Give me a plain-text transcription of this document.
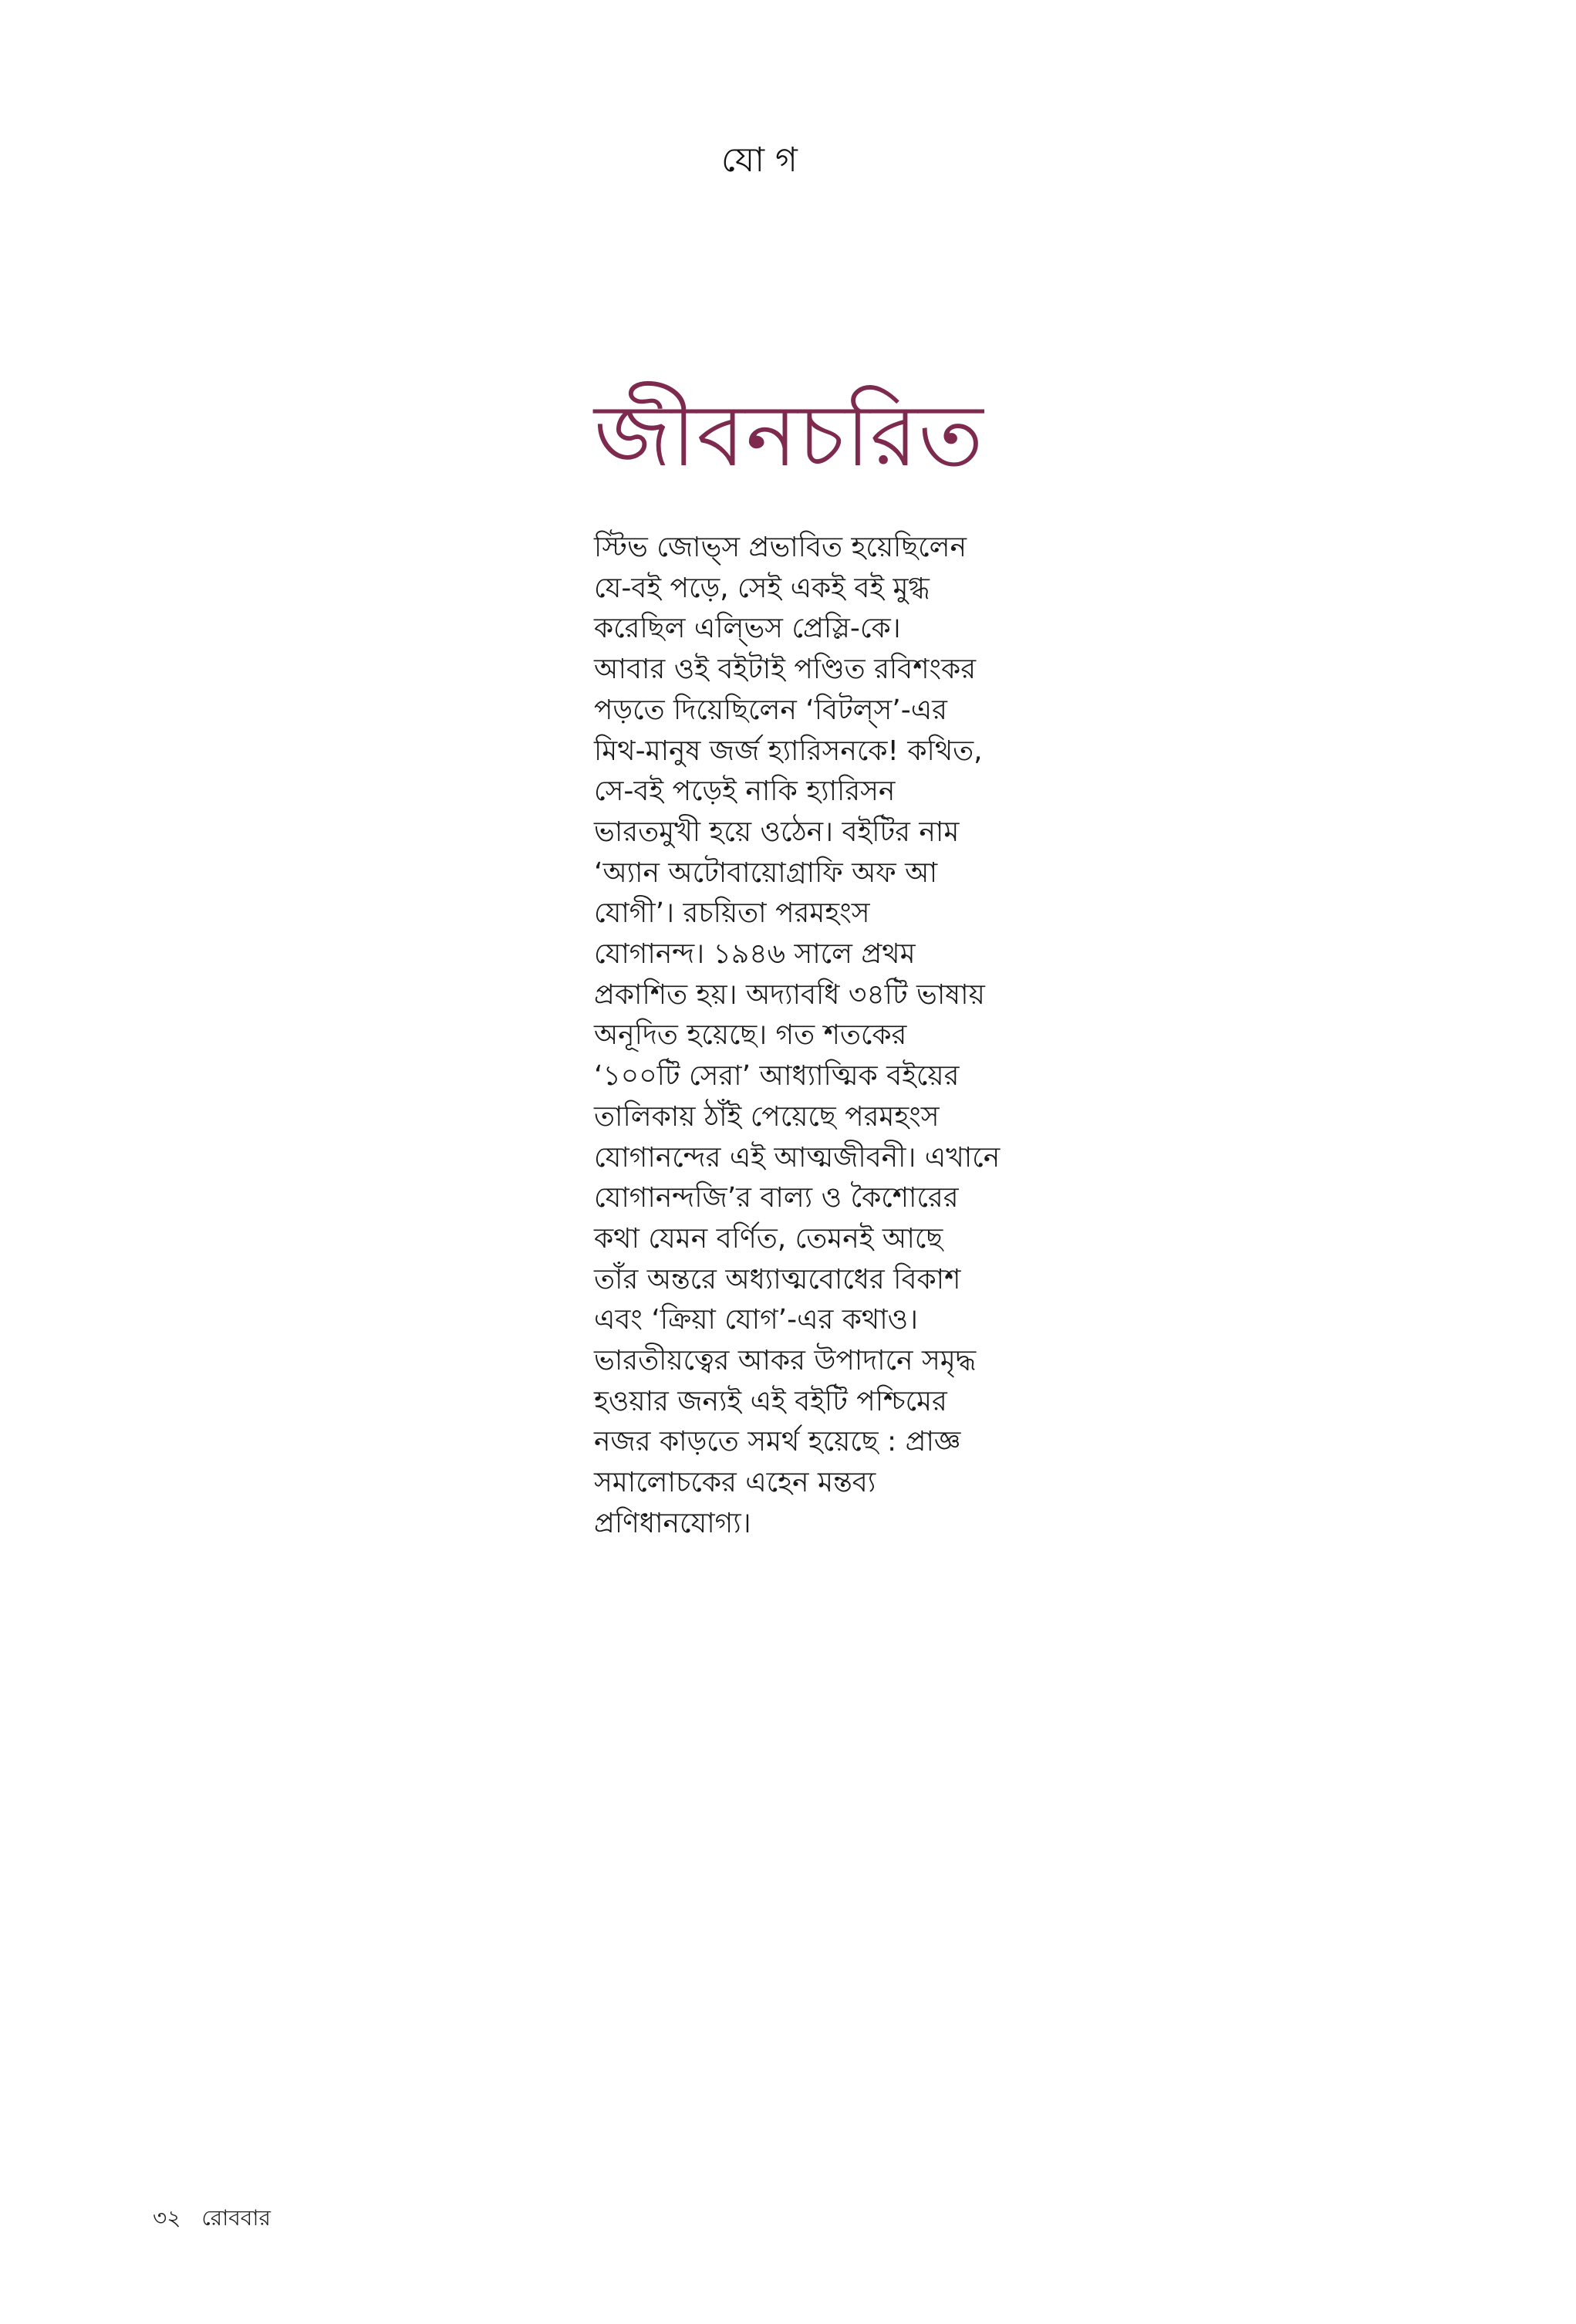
যো গ
জীবনচরিত
স্টিভ জোভ্স প্রভাবিত হয়েছিলেন
যে-বই পড়ে, সেই একই বই মুগ্ধ
করেছিল এল্ভিস প্রেস্লি-কে।
আবার ওই বইটাই পণ্ডিত রবিশংকর
পড়তে দিয়েছিলেন ‘বিটল্স’-এর
মিথ-মানুষ জর্জ হ্যারিসনকে! কথিত,
সে-বই পড়েই নাকি হ্যারিসন
ভারতমুখী হয়ে ওঠেন। বইটির নাম
‘অ্যান অটোবায়োগ্রাফি অফ আ
যোগী’। রচয়িতা পরমহংস
যোগানন্দ। ১৯৪৬ সালে প্রথম
প্রকাশিত হয়। অদ্যাবধি ৩৪টি ভাষায়
অনূদিত হয়েছে। গত শতকের
‘১০০টি সেরা’ আধ্যাত্মিক বইয়ের
তালিকায় ঠাঁই পেয়েছে পরমহংস
যোগানন্দের এই আত্মজীবনী। এখানে
যোগানন্দজি’র বাল্য ও কৈশোরের
কথা যেমন বর্ণিত, তেমনই আছে
তাঁর অন্তরে অধ্যাত্মবোধের বিকাশ
এবং ‘ক্রিয়া যোগ’-এর কথাও।
ভারতীয়ত্বের আকর উপাদানে সমৃদ্ধ
হওয়ার জন্যই এই বইটি পশ্চিমের
নজর কাড়তে সমর্থ হয়েছে : প্রাজ্ঞ
সমালোচকের এহেন মন্তব্য
প্রণিধানযোগ্য।
৩২ রোববার
